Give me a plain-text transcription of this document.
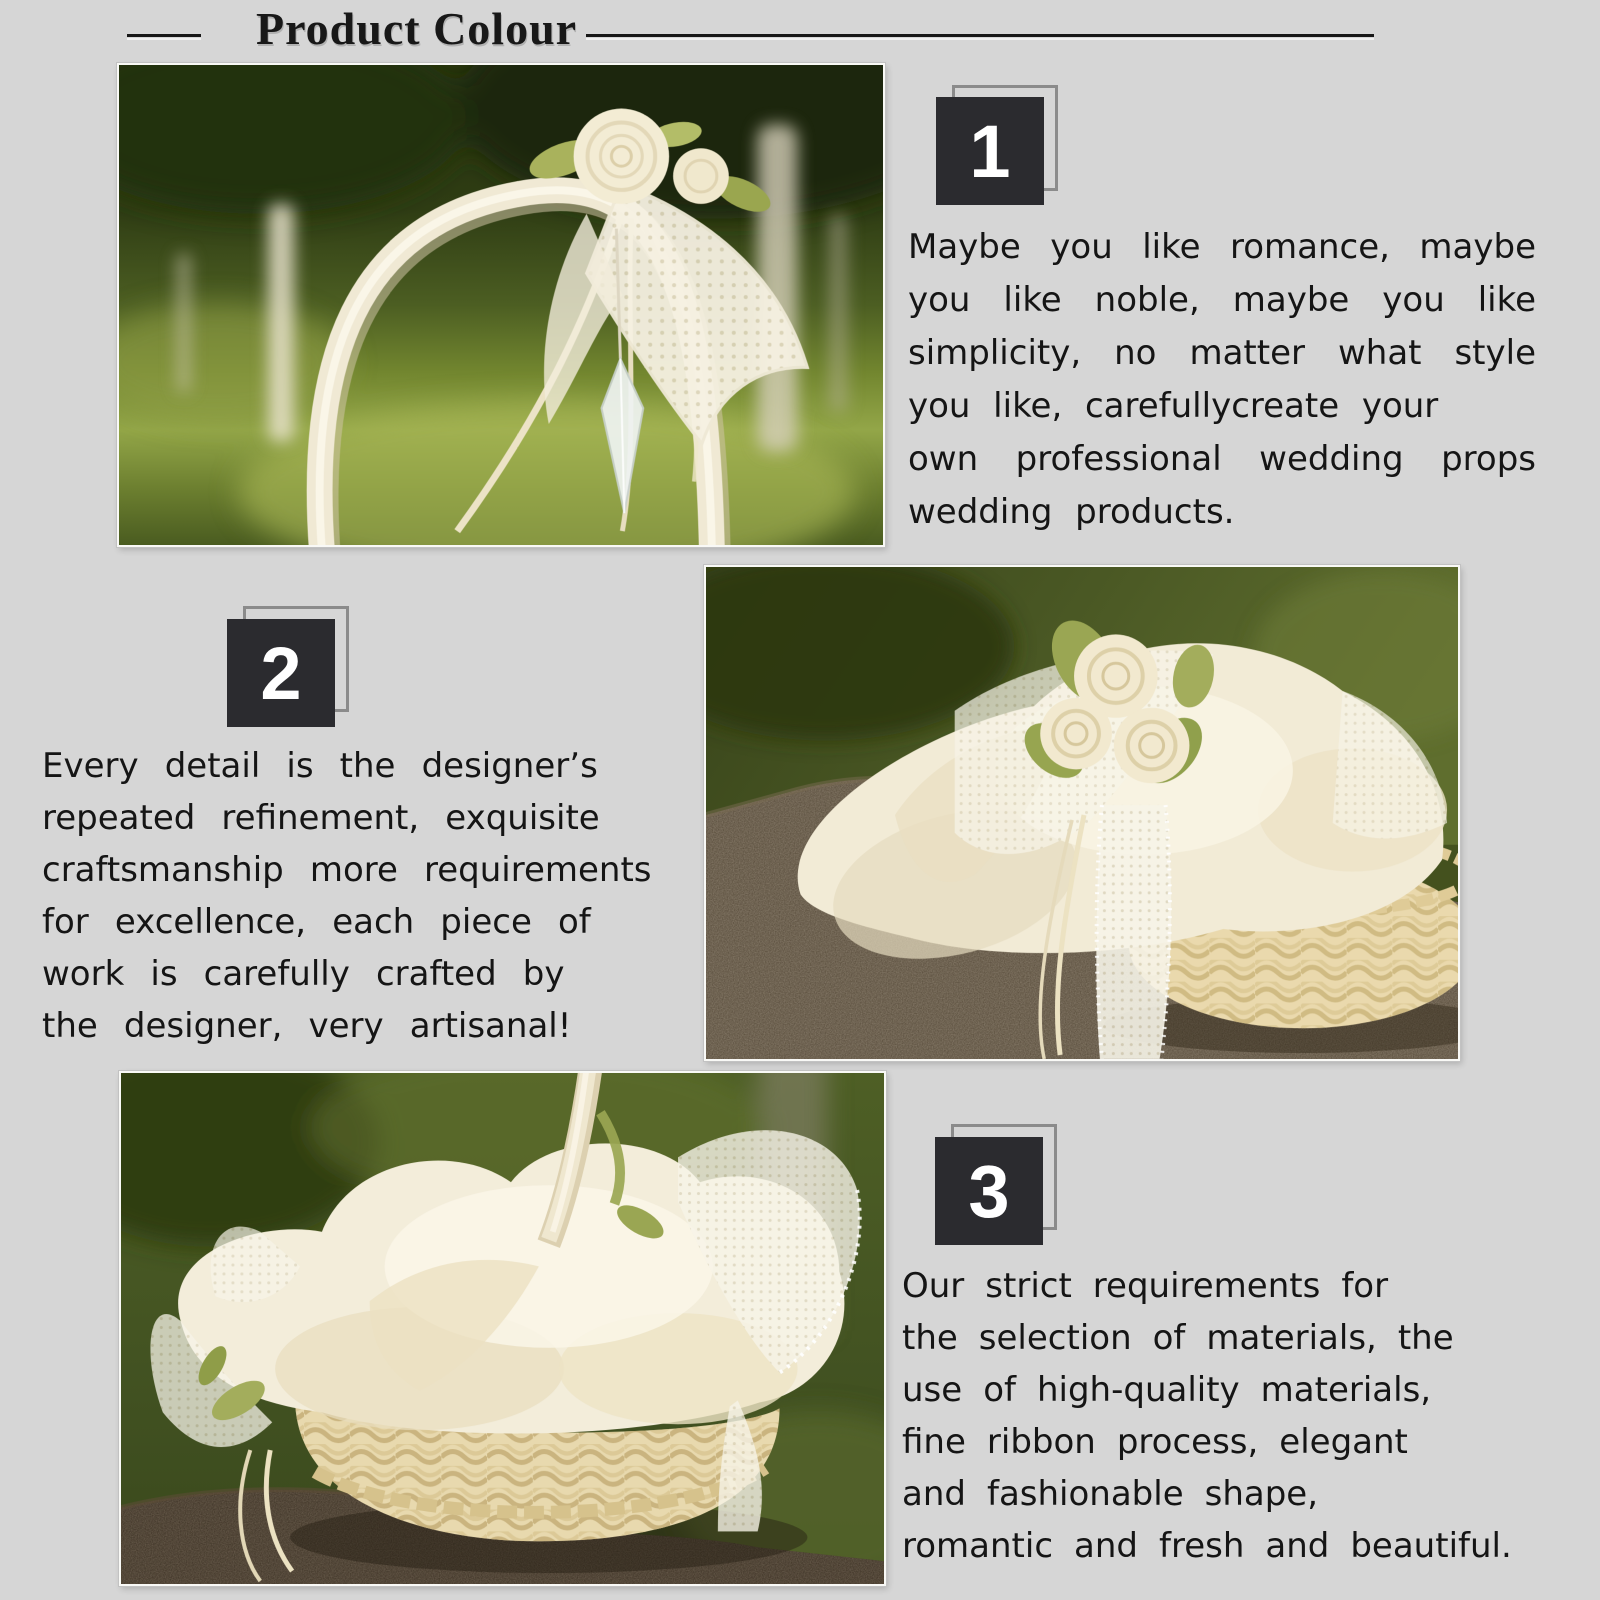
Product Colour
1
Maybe you like romance, maybe
you like noble, maybe you like
simplicity, no matter what style
you like, carefullycreate your
own professional wedding props
wedding products.
2
Every detail is the designer’s
repeated refinement, exquisite
craftsmanship more requirements
for excellence, each piece of
work is carefully crafted by
the designer, very artisanal!
3
Our strict requirements for
the selection of materials, the
use of high-quality materials,
fine ribbon process, elegant
and fashionable shape,
romantic and fresh and beautiful.
